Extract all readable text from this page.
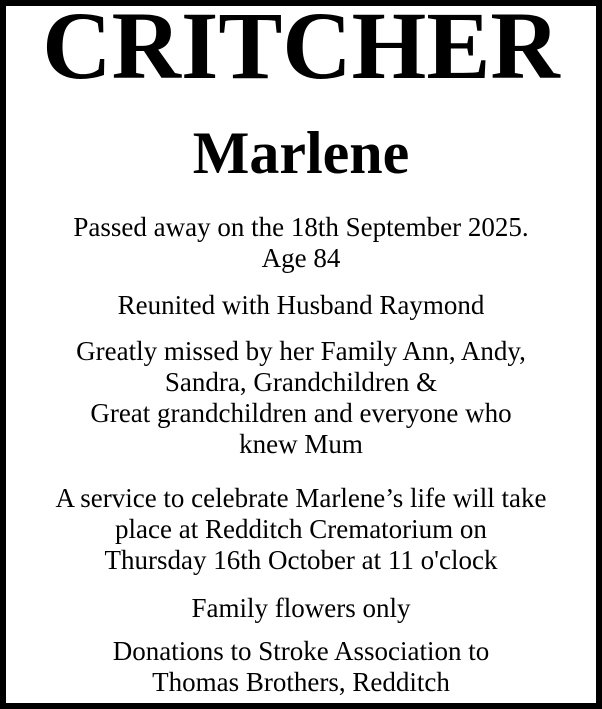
CRITCHER
Marlene
Passed away on the 18th September 2025.
Age 84
Reunited with Husband Raymond
Greatly missed by her Family Ann, Andy,
Sandra, Grandchildren &
Great grandchildren and everyone who
knew Mum
A service to celebrate Marlene’s life will take
place at Redditch Crematorium on
Thursday 16th October at 11 o'clock
Family flowers only
Donations to Stroke Association to
Thomas Brothers, Redditch
